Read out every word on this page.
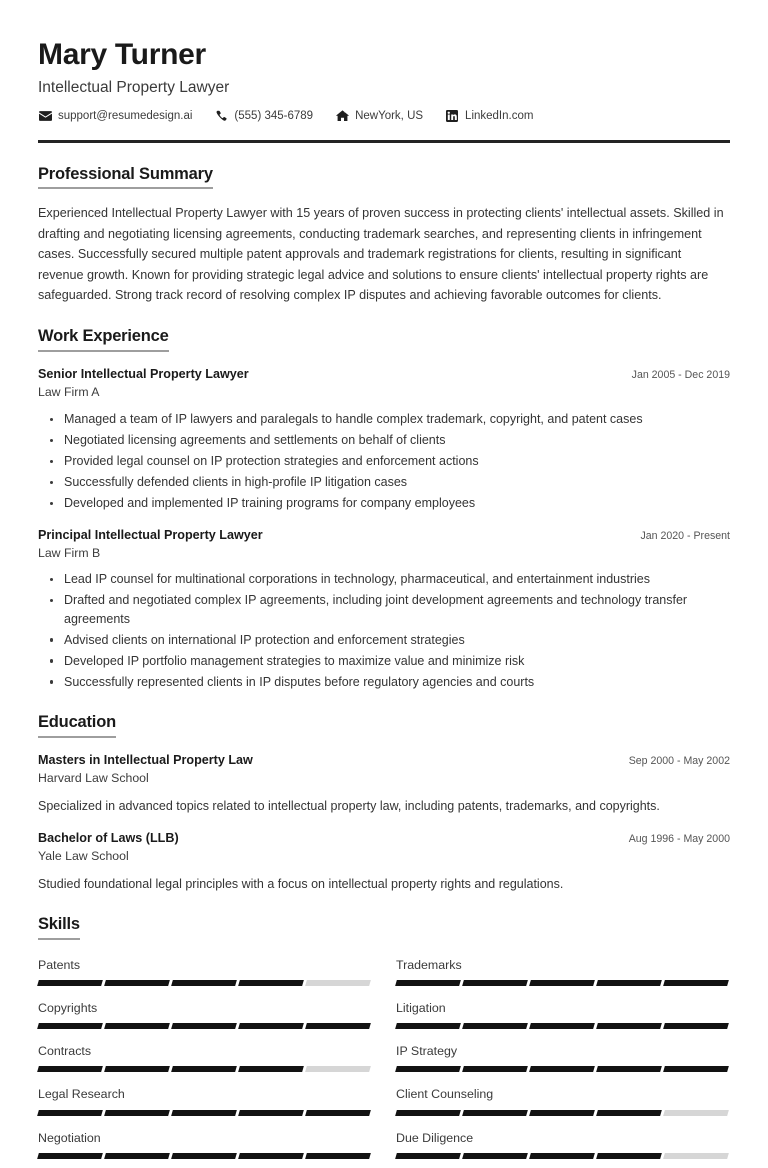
Mary Turner
Intellectual Property Lawyer
support@resumedesign.ai	(555) 345-6789	NewYork, US	LinkedIn.com
Professional Summary

Experienced Intellectual Property Lawyer with 15 years of proven success in protecting clients' intellectual assets. Skilled in drafting and negotiating licensing agreements, conducting trademark searches, and representing clients in infringement cases. Successfully secured multiple patent approvals and trademark registrations for clients, resulting in significant revenue growth. Known for providing strategic legal advice and solutions to ensure clients' intellectual property rights are safeguarded. Strong track record of resolving complex IP disputes and achieving favorable outcomes for clients.

Work Experience
Senior Intellectual Property Lawyer	Jan 2005 - Dec 2019
Law Firm A
Managed a team of IP lawyers and paralegals to handle complex trademark, copyright, and patent cases
Negotiated licensing agreements and settlements on behalf of clients
Provided legal counsel on IP protection strategies and enforcement actions
Successfully defended clients in high-profile IP litigation cases
Developed and implemented IP training programs for company employees
Principal Intellectual Property Lawyer	Jan 2020 - Present
Law Firm B
Lead IP counsel for multinational corporations in technology, pharmaceutical, and entertainment industries
Drafted and negotiated complex IP agreements, including joint development agreements and technology transfer agreements
Advised clients on international IP protection and enforcement strategies
Developed IP portfolio management strategies to maximize value and minimize risk
Successfully represented clients in IP disputes before regulatory agencies and courts
Education
Masters in Intellectual Property Law	Sep 2000 - May 2002
Harvard Law School
Specialized in advanced topics related to intellectual property law, including patents, trademarks, and copyrights.
Bachelor of Laws (LLB)	Aug 1996 - May 2000
Yale Law School
Studied foundational legal principles with a focus on intellectual property rights and regulations.
Skills
Patents	Trademarks
Copyrights	Litigation
Contracts	IP Strategy
Legal Research	Client Counseling
Negotiation	Due Diligence
